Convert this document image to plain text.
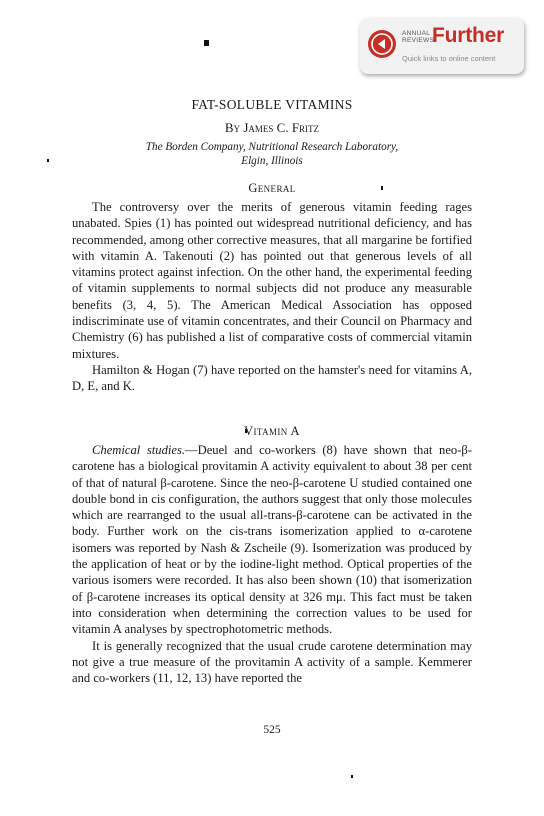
ANNUAL
REVIEWS
Further
Quick links to online content
FAT-SOLUBLE VITAMINS
By James C. Fritz
The Borden Company, Nutritional Research Laboratory,
Elgin, Illinois
General

The controversy over the merits of generous vitamin feeding rages unabated. Spies (1) has pointed out widespread nutritional deficiency, and has recommended, among other corrective measures, that all margarine be fortified with vitamin A. Takenouti (2) has pointed out that generous levels of all vitamins protect against infection. On the other hand, the experimental feeding of vitamin supplements to normal subjects did not produce any measurable benefits (3, 4, 5). The American Medical Association has opposed indiscriminate use of vitamin concentrates, and their Council on Pharmacy and Chemistry (6) has published a list of comparative costs of commercial vitamin mixtures.

Hamilton & Hogan (7) have reported on the hamster's need for vitamins A, D, E, and K.

Vitamin A

Chemical studies.—Deuel and co-workers (8) have shown that neo-β-carotene has a biological provitamin A activity equivalent to about 38 per cent of that of natural β-carotene. Since the neo-β-carotene U studied contained one double bond in cis configuration, the authors suggest that only those molecules which are rearranged to the usual all-trans-β-carotene can be activated in the body. Further work on the cis-trans isomerization applied to α-carotene isomers was reported by Nash & Zscheile (9). Isomerization was produced by the application of heat or by the iodine-light method. Optical properties of the various isomers were recorded. It has also been shown (10) that isomerization of β-carotene increases its optical density at 326 mμ. This fact must be taken into consideration when determining the correction values to be used for vitamin A analyses by spectrophotometric methods.

It is generally recognized that the usual crude carotene determination may not give a true measure of the provitamin A activity of a sample. Kemmerer and co-workers (11, 12, 13) have reported the

525
